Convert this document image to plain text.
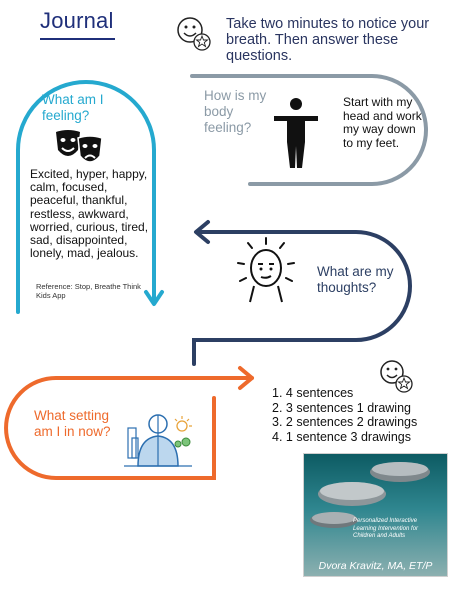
Journal	Take two minutes to notice your breath. Then answer these questions.
What am I feeling?
Excited, hyper, happy, calm, focused, peaceful, thankful, restless, awkward, worried, curious, tired, sad, disappointed, lonely, mad, jealous.
Reference: Stop, Breathe Think Kids App
How is my body feeling?
Start with my head and work my way down to my feet.
What are my thoughts?
What setting am I in now?
1. 4 sentences
2. 3 sentences 1 drawing
3. 2 sentences 2 drawings
4. 1 sentence 3 drawings
Personalized Interactive Learning Intervention for Children and Adults
Dvora Kravitz, MA, ET/P
